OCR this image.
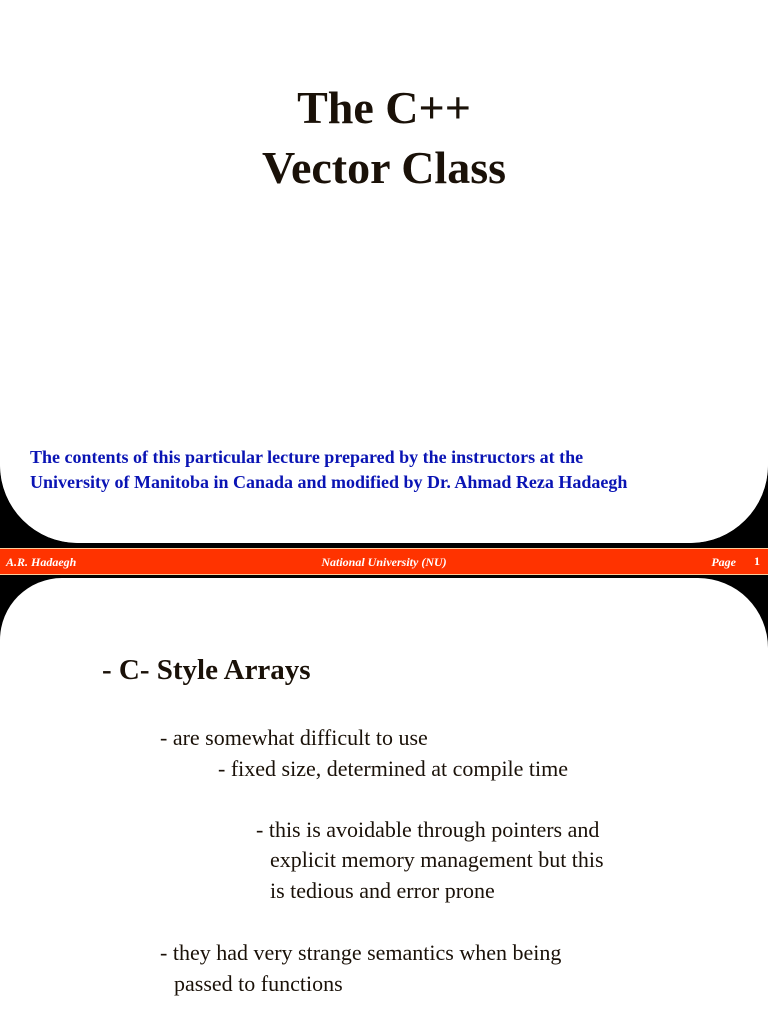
The C++
Vector Class
The contents of this particular lecture prepared by the instructors at the
University of Manitoba in Canada and modified by Dr. Ahmad Reza Hadaegh
A.R. Hadaegh	National University (NU)	Page 1
- C- Style Arrays
- are somewhat difficult to use
- fixed size, determined at compile time
- this is avoidable through pointers and
explicit memory management but this
is tedious and error prone
- they had very strange semantics when being
passed to functions
